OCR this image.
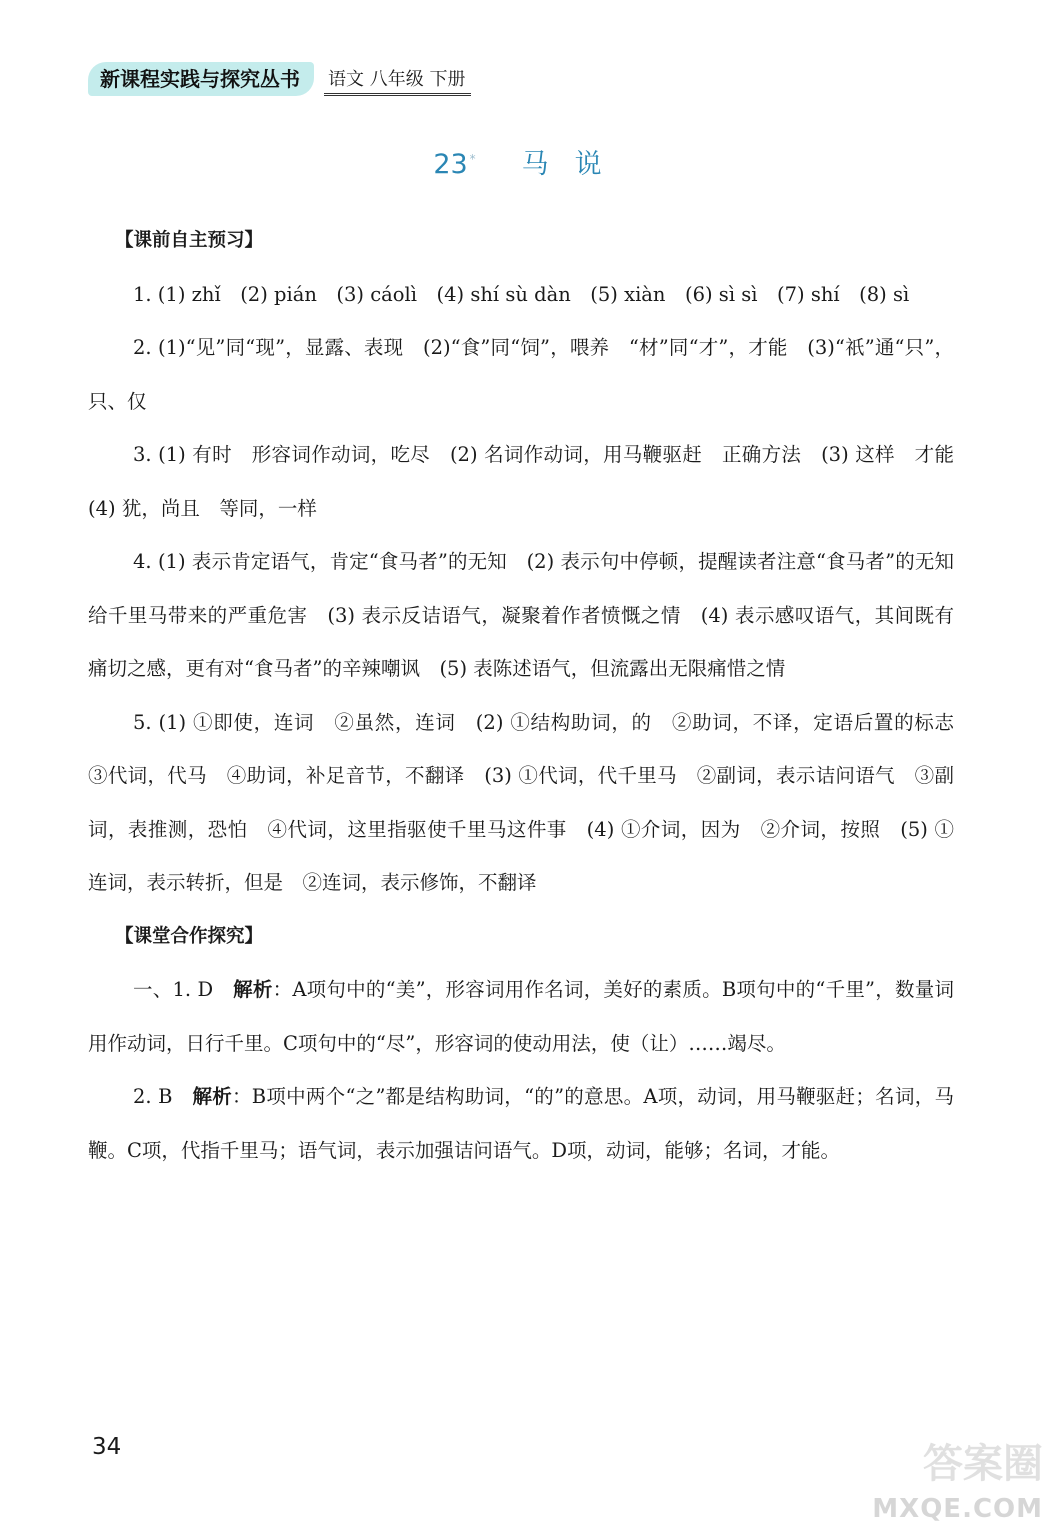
新课程实践与探究丛书	语文 八年级 下册
23 * 马说
【课前自主预习】

1. (1) zhǐ　(2) pián　(3) cáolì　(4) shí sù dàn　(5) xiàn　(6) sì sì　(7) shí　(8) sì

2. (1)“见”同“现”，显露、表现　(2)“食”同“饲”，喂养　“材”同“才”，才能　(3)“祇”通“只”，只、仅

3. (1) 有时　形容词作动词，吃尽　(2) 名词作动词，用马鞭驱赶　正确方法　(3) 这样　才能　(4) 犹，尚且　等同，一样

4. (1) 表示肯定语气，肯定“食马者”的无知　(2) 表示句中停顿，提醒读者注意“食马者”的无知给千里马带来的严重危害　(3) 表示反诘语气，凝聚着作者愤慨之情　(4) 表示感叹语气，其间既有痛切之感，更有对“食马者”的辛辣嘲讽　(5) 表陈述语气，但流露出无限痛惜之情

5. (1) ①即使，连词　②虽然，连词　(2) ①结构助词，的　②助词，不译，定语后置的标志　③代词，代马　④助词，补足音节，不翻译　(3) ①代词，代千里马　②副词，表示诘问语气　③副词，表推测，恐怕　④代词，这里指驱使千里马这件事　(4) ①介词，因为　②介词，按照　(5) ①连词，表示转折，但是　②连词，表示修饰，不翻译

【课堂合作探究】

一、1. D　解析：A项句中的“美”，形容词用作名词，美好的素质。B项句中的“千里”，数量词用作动词，日行千里。C项句中的“尽”，形容词的使动用法，使（让）……竭尽。

2. B　解析：B项中两个“之”都是结构助词，“的”的意思。A项，动词，用马鞭驱赶；名词，马鞭。C项，代指千里马；语气词，表示加强诘问语气。D项，动词，能够；名词，才能。

34	答案圈
MXQE.COM
